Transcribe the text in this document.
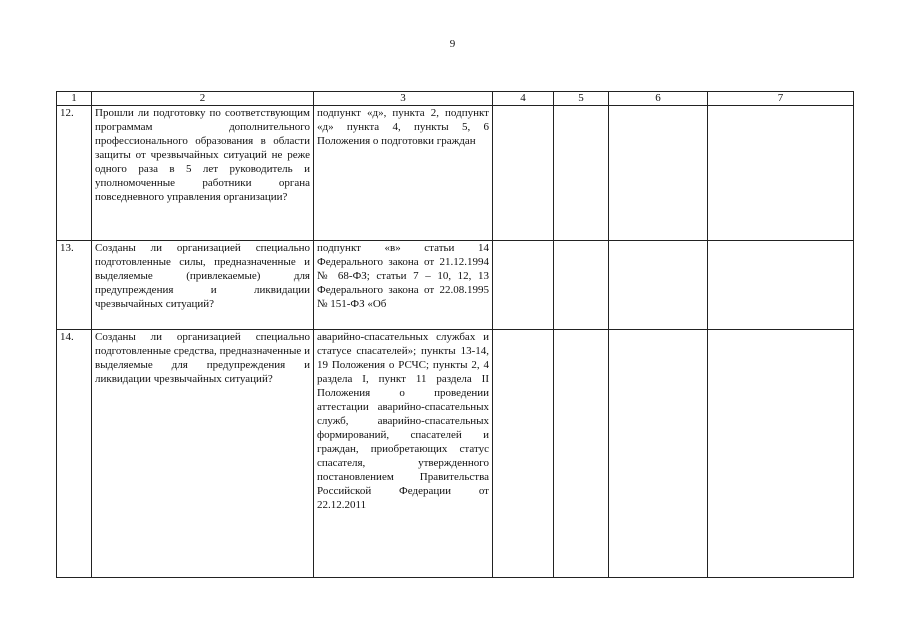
9
1	2	3	4	5	6	7
12.	Прошли ли подготовку по соответствующим программам дополнительного профессионального образования в области защиты от чрезвычайных ситуаций не реже одного раза в 5 лет руководитель и уполномоченные работники органа повседневного управления организации?	подпункт «д», пункта 2, подпункт «д» пункта 4, пункты 5, 6 Положения о подготовки граждан				
13.	Созданы ли организацией специально подготовленные силы, предназначенные и выделяемые (привлекаемые) для предупреждения и ликвидации чрезвычайных ситуаций?	подпункт «в» статьи 14 Федерального закона от 21.12.1994 № 68-ФЗ; статьи 7 – 10, 12, 13 Федерального закона от 22.08.1995 № 151-ФЗ «Об				
14.	Созданы ли организацией специально подготовленные средства, предназначенные и выделяемые для предупреждения и ликвидации чрезвычайных ситуаций?	аварийно-спасательных службах и статусе спасателей»; пункты 13-14, 19 Положения о РСЧС; пункты 2, 4 раздела I, пункт 11 раздела II Положения о проведении аттестации аварийно-спасательных служб, аварийно-спасательных формирований, спасателей и граждан, приобретающих статус спасателя, утвержденного постановлением Правительства Российской Федерации от 22.12.2011				
